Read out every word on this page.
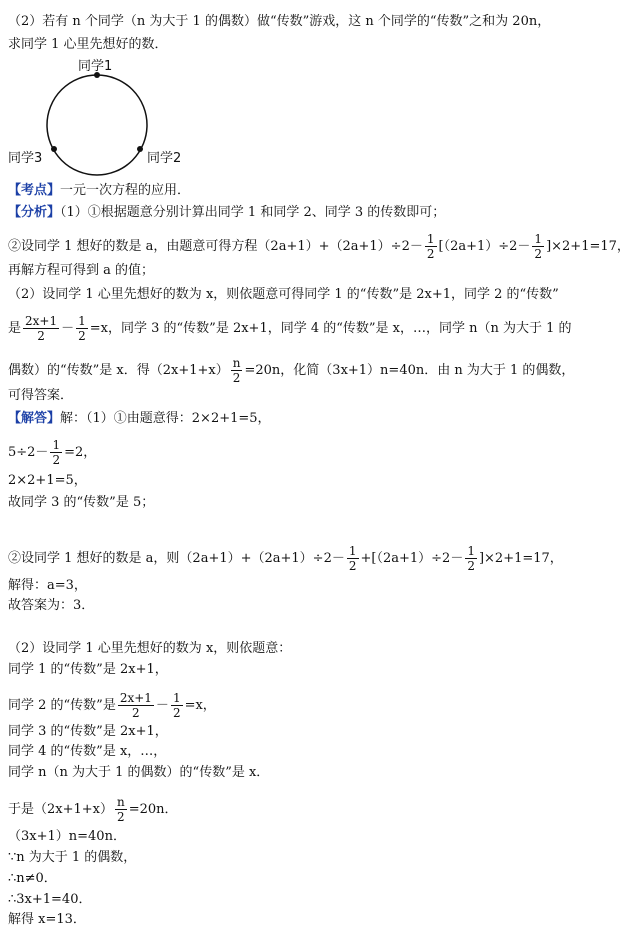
（2）若有 n 个同学（n 为大于 1 的偶数）做“传数”游戏，这 n 个同学的“传数”之和为 20n，
求同学 1 心里先想好的数．
同学1
同学3	同学2
【考点】一元一次方程的应用．
【分析】（1）①根据题意分别计算出同学 1 和同学 2、同学 3 的传数即可；
②设同学 1 想好的数是 a，由题意可得方程$(2a+1)+(2a+1)\div 2- \frac{1}{2} [(2a+1)\div 2- \frac{1}{2} ]\times 2+1=17$，
再解方程可得到 a 的值；
（2）设同学 1 心里先想好的数为 x，则依题意可得同学 1 的“传数”是 2x+1，同学 2 的“传数”
是 $\frac{2x+1}{2} - \frac{1}{2} =x$，同学 3 的“传数”是 2x+1，同学 4 的“传数”是 x，…，同学 n（n 为大于 1 的
偶数）的“传数”是 x．得$(2x+1+x) \frac{n}{2} =20n$，化简（3x+1）n=40n．由 n 为大于 1 的偶数，
可得答案．
【解答】解：（1）①由题意得：2×2+1=5，
$5\div 2- \frac{1}{2} =2$，
2×2+1=5，
故同学 3 的“传数”是 5；
②设同学 1 想好的数是 a，则$(2a+1)+(2a+1)\div 2- \frac{1}{2} +[(2a+1)\div 2- \frac{1}{2} ]\times 2+1=17$，
解得：a=3，
故答案为：3．
（2）设同学 1 心里先想好的数为 x，则依题意：
同学 1 的“传数”是 2x+1，
同学 2 的“传数”是 $\frac{2x+1}{2} - \frac{1}{2} =x$，
同学 3 的“传数”是 2x+1，
同学 4 的“传数”是 x，…，
同学 n（n 为大于 1 的偶数）的“传数”是 x．
于是$(2x+1+x) \frac{n}{2} =20n$．
（3x+1）n=40n．
∵n 为大于 1 的偶数，
∴n≠0．
∴3x+1=40．
解得 x=13．
